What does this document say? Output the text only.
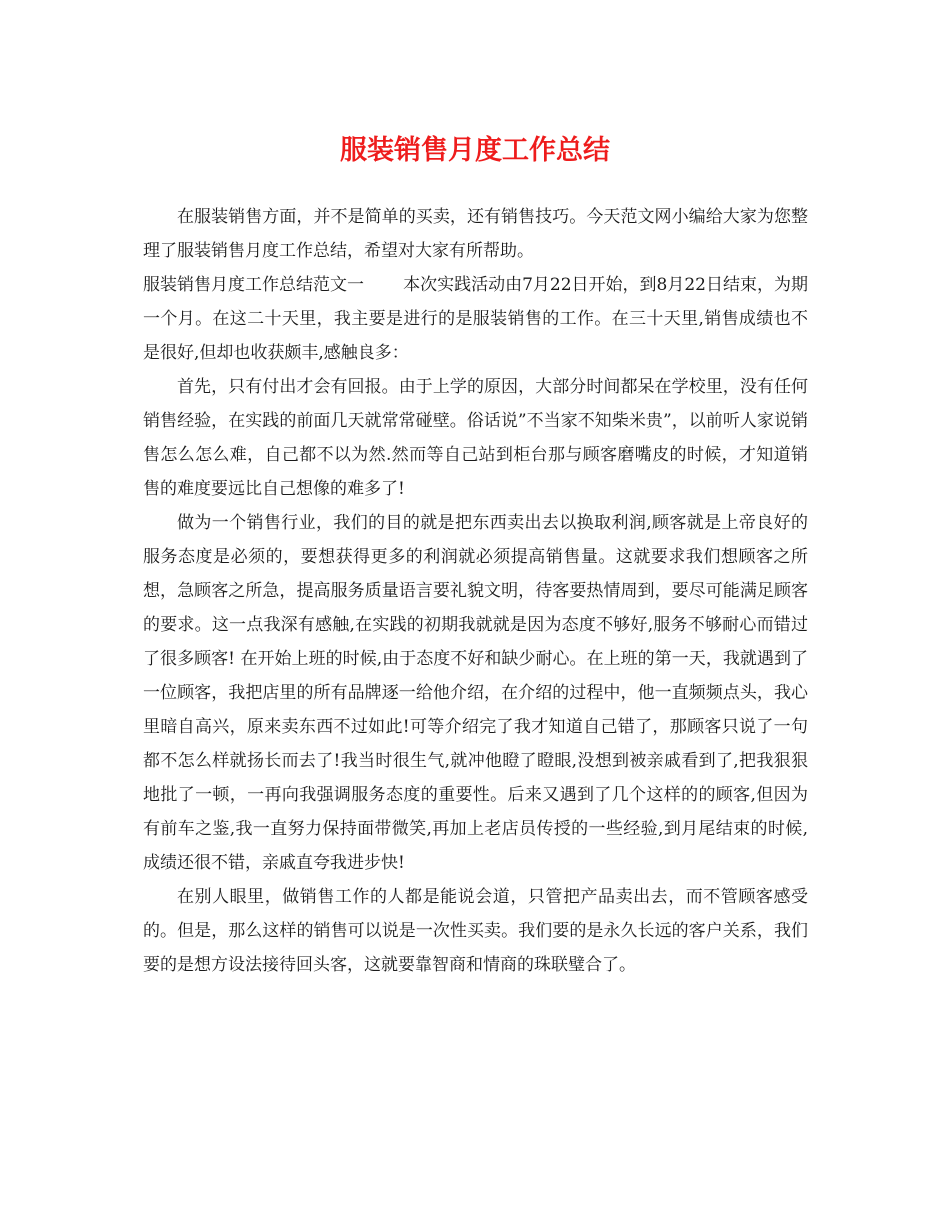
服装销售月度工作总结

在服装销售方面，并不是简单的买卖，还有销售技巧。今天范文网小编给大家为您整理了服装销售月度工作总结，希望对大家有所帮助。

服装销售月度工作总结范文一 本次实践活动由7月22日开始，到8月22日结束，为期一个月。在这二十天里，我主要是进行的是服装销售的工作。在三十天里,销售成绩也不是很好,但却也收获颇丰,感触良多：

首先，只有付出才会有回报。由于上学的原因，大部分时间都呆在学校里，没有任何销售经验，在实践的前面几天就常常碰壁。俗话说”不当家不知柴米贵”，以前听人家说销售怎么怎么难，自己都不以为然.然而等自己站到柜台那与顾客磨嘴皮的时候，才知道销售的难度要远比自己想像的难多了!

做为一个销售行业，我们的目的就是把东西卖出去以换取利润,顾客就是上帝良好的服务态度是必须的，要想获得更多的利润就必须提高销售量。这就要求我们想顾客之所想，急顾客之所急，提高服务质量语言要礼貌文明，待客要热情周到，要尽可能满足顾客的要求。这一点我深有感触,在实践的初期我就就是因为态度不够好,服务不够耐心而错过了很多顾客! 在开始上班的时候,由于态度不好和缺少耐心。在上班的第一天，我就遇到了一位顾客，我把店里的所有品牌逐一给他介绍，在介绍的过程中，他一直频频点头，我心里暗自高兴，原来卖东西不过如此!可等介绍完了我才知道自己错了，那顾客只说了一句都不怎么样就扬长而去了!我当时很生气,就冲他瞪了瞪眼,没想到被亲戚看到了,把我狠狠地批了一顿，一再向我强调服务态度的重要性。后来又遇到了几个这样的的顾客,但因为有前车之鉴,我一直努力保持面带微笑,再加上老店员传授的一些经验,到月尾结束的时候,成绩还很不错，亲戚直夸我进步快!

在别人眼里，做销售工作的人都是能说会道，只管把产品卖出去，而不管顾客感受的。但是，那么这样的销售可以说是一次性买卖。我们要的是永久长远的客户关系，我们要的是想方设法接待回头客，这就要靠智商和情商的珠联璧合了。
